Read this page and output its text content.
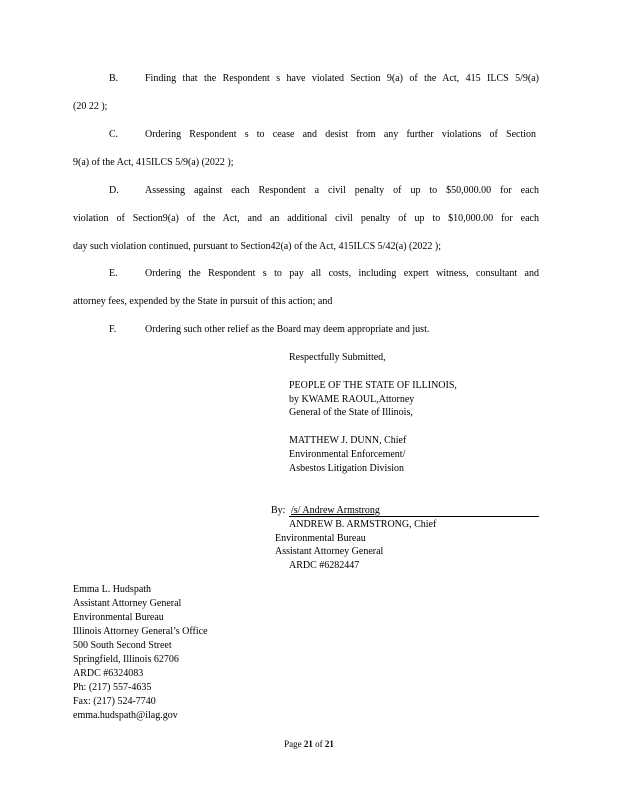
B.	Finding that the Respondent s have violated Section 9(a) of the Act, 415 ILCS 5/9(a)
(20 22 );
C.	Ordering Respondent s to cease and desist from any further violations of Section
9(a) of the Act, 415ILCS 5/9(a) (2022 );
D.	Assessing against each Respondent a civil penalty of up to $50,000.00 for each
violation of Section9(a) of the Act, and an additional civil penalty of up to $10,000.00 for each
day such violation continued, pursuant to Section42(a) of the Act, 415ILCS 5/42(a) (2022 );
E.	Ordering the Respondent s to pay all costs, including expert witness, consultant and
attorney fees, expended by the State in pursuit of this action; and
F.	Ordering such other relief as the Board may deem appropriate and just.
Respectfully Submitted,
PEOPLE OF THE STATE OF ILLINOIS,
by KWAME RAOUL,Attorney
General of the State of Illinois,
MATTHEW J. DUNN, Chief
Environmental Enforcement/
Asbestos Litigation Division
By: /s/ Andrew Armstrong
ANDREW B. ARMSTRONG, Chief
Environmental Bureau
Assistant Attorney General
ARDC #6282447
Emma L. Hudspath
Assistant Attorney General
Environmental Bureau
Illinois Attorney General’s Office
500 South Second Street
Springfield, Illinois 62706
ARDC #6324083
Ph: (217) 557-4635
Fax: (217) 524-7740
emma.hudspath@ilag.gov
Page 21 of 21
